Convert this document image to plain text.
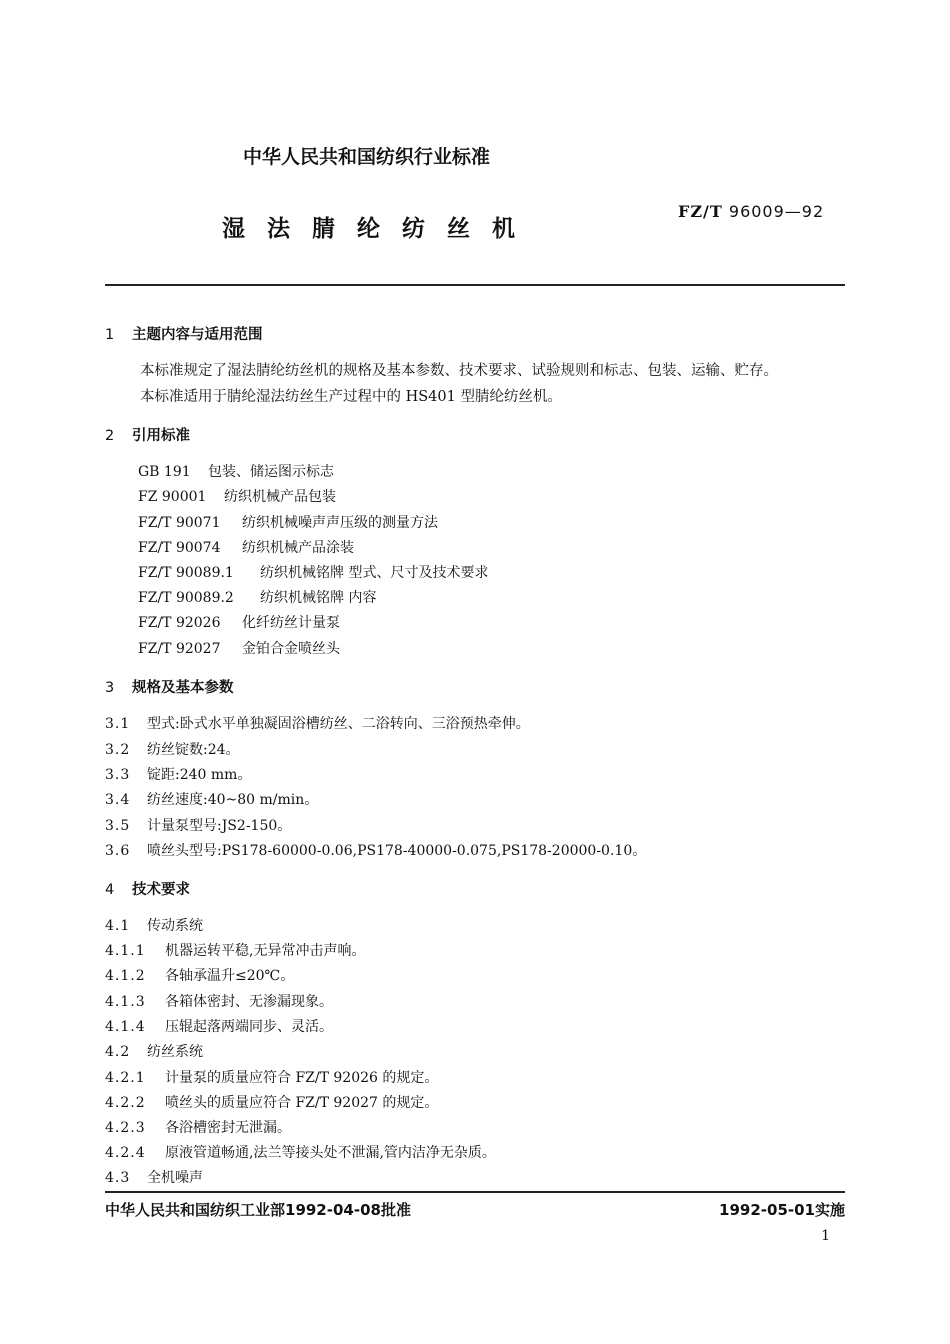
中华人民共和国纺织行业标准
湿法腈纶纺丝机
FZ/T 96009—92
1 主题内容与适用范围
本标准规定了湿法腈纶纺丝机的规格及基本参数、技术要求、试验规则和标志、包装、运输、贮存。
本标准适用于腈纶湿法纺丝生产过程中的 HS401 型腈纶纺丝机。
2 引用标准
GB 191 包装、储运图示标志
FZ 90001 纺织机械产品包装
FZ/T 90071 纺织机械噪声声压级的测量方法
FZ/T 90074 纺织机械产品涂装
FZ/T 90089.1 纺织机械铭牌 型式、尺寸及技术要求
FZ/T 90089.2 纺织机械铭牌 内容
FZ/T 92026 化纤纺丝计量泵
FZ/T 92027 金铂合金喷丝头
3 规格及基本参数
3.1 型式:卧式水平单独凝固浴槽纺丝、二浴转向、三浴预热牵伸。
3.2 纺丝锭数:24。
3.3 锭距:240 mm。
3.4 纺丝速度:40~80 m/min。
3.5 计量泵型号:JS2-150。
3.6 喷丝头型号:PS178-60000-0.06,PS178-40000-0.075,PS178-20000-0.10。
4 技术要求
4.1 传动系统
4.1.1 机器运转平稳,无异常冲击声响。
4.1.2 各轴承温升≤20℃。
4.1.3 各箱体密封、无渗漏现象。
4.1.4 压辊起落两端同步、灵活。
4.2 纺丝系统
4.2.1 计量泵的质量应符合 FZ/T 92026 的规定。
4.2.2 喷丝头的质量应符合 FZ/T 92027 的规定。
4.2.3 各浴槽密封无泄漏。
4.2.4 原液管道畅通,法兰等接头处不泄漏,管内洁净无杂质。
4.3 全机噪声
中华人民共和国纺织工业部1992-04-08批准	1992-05-01实施
1
